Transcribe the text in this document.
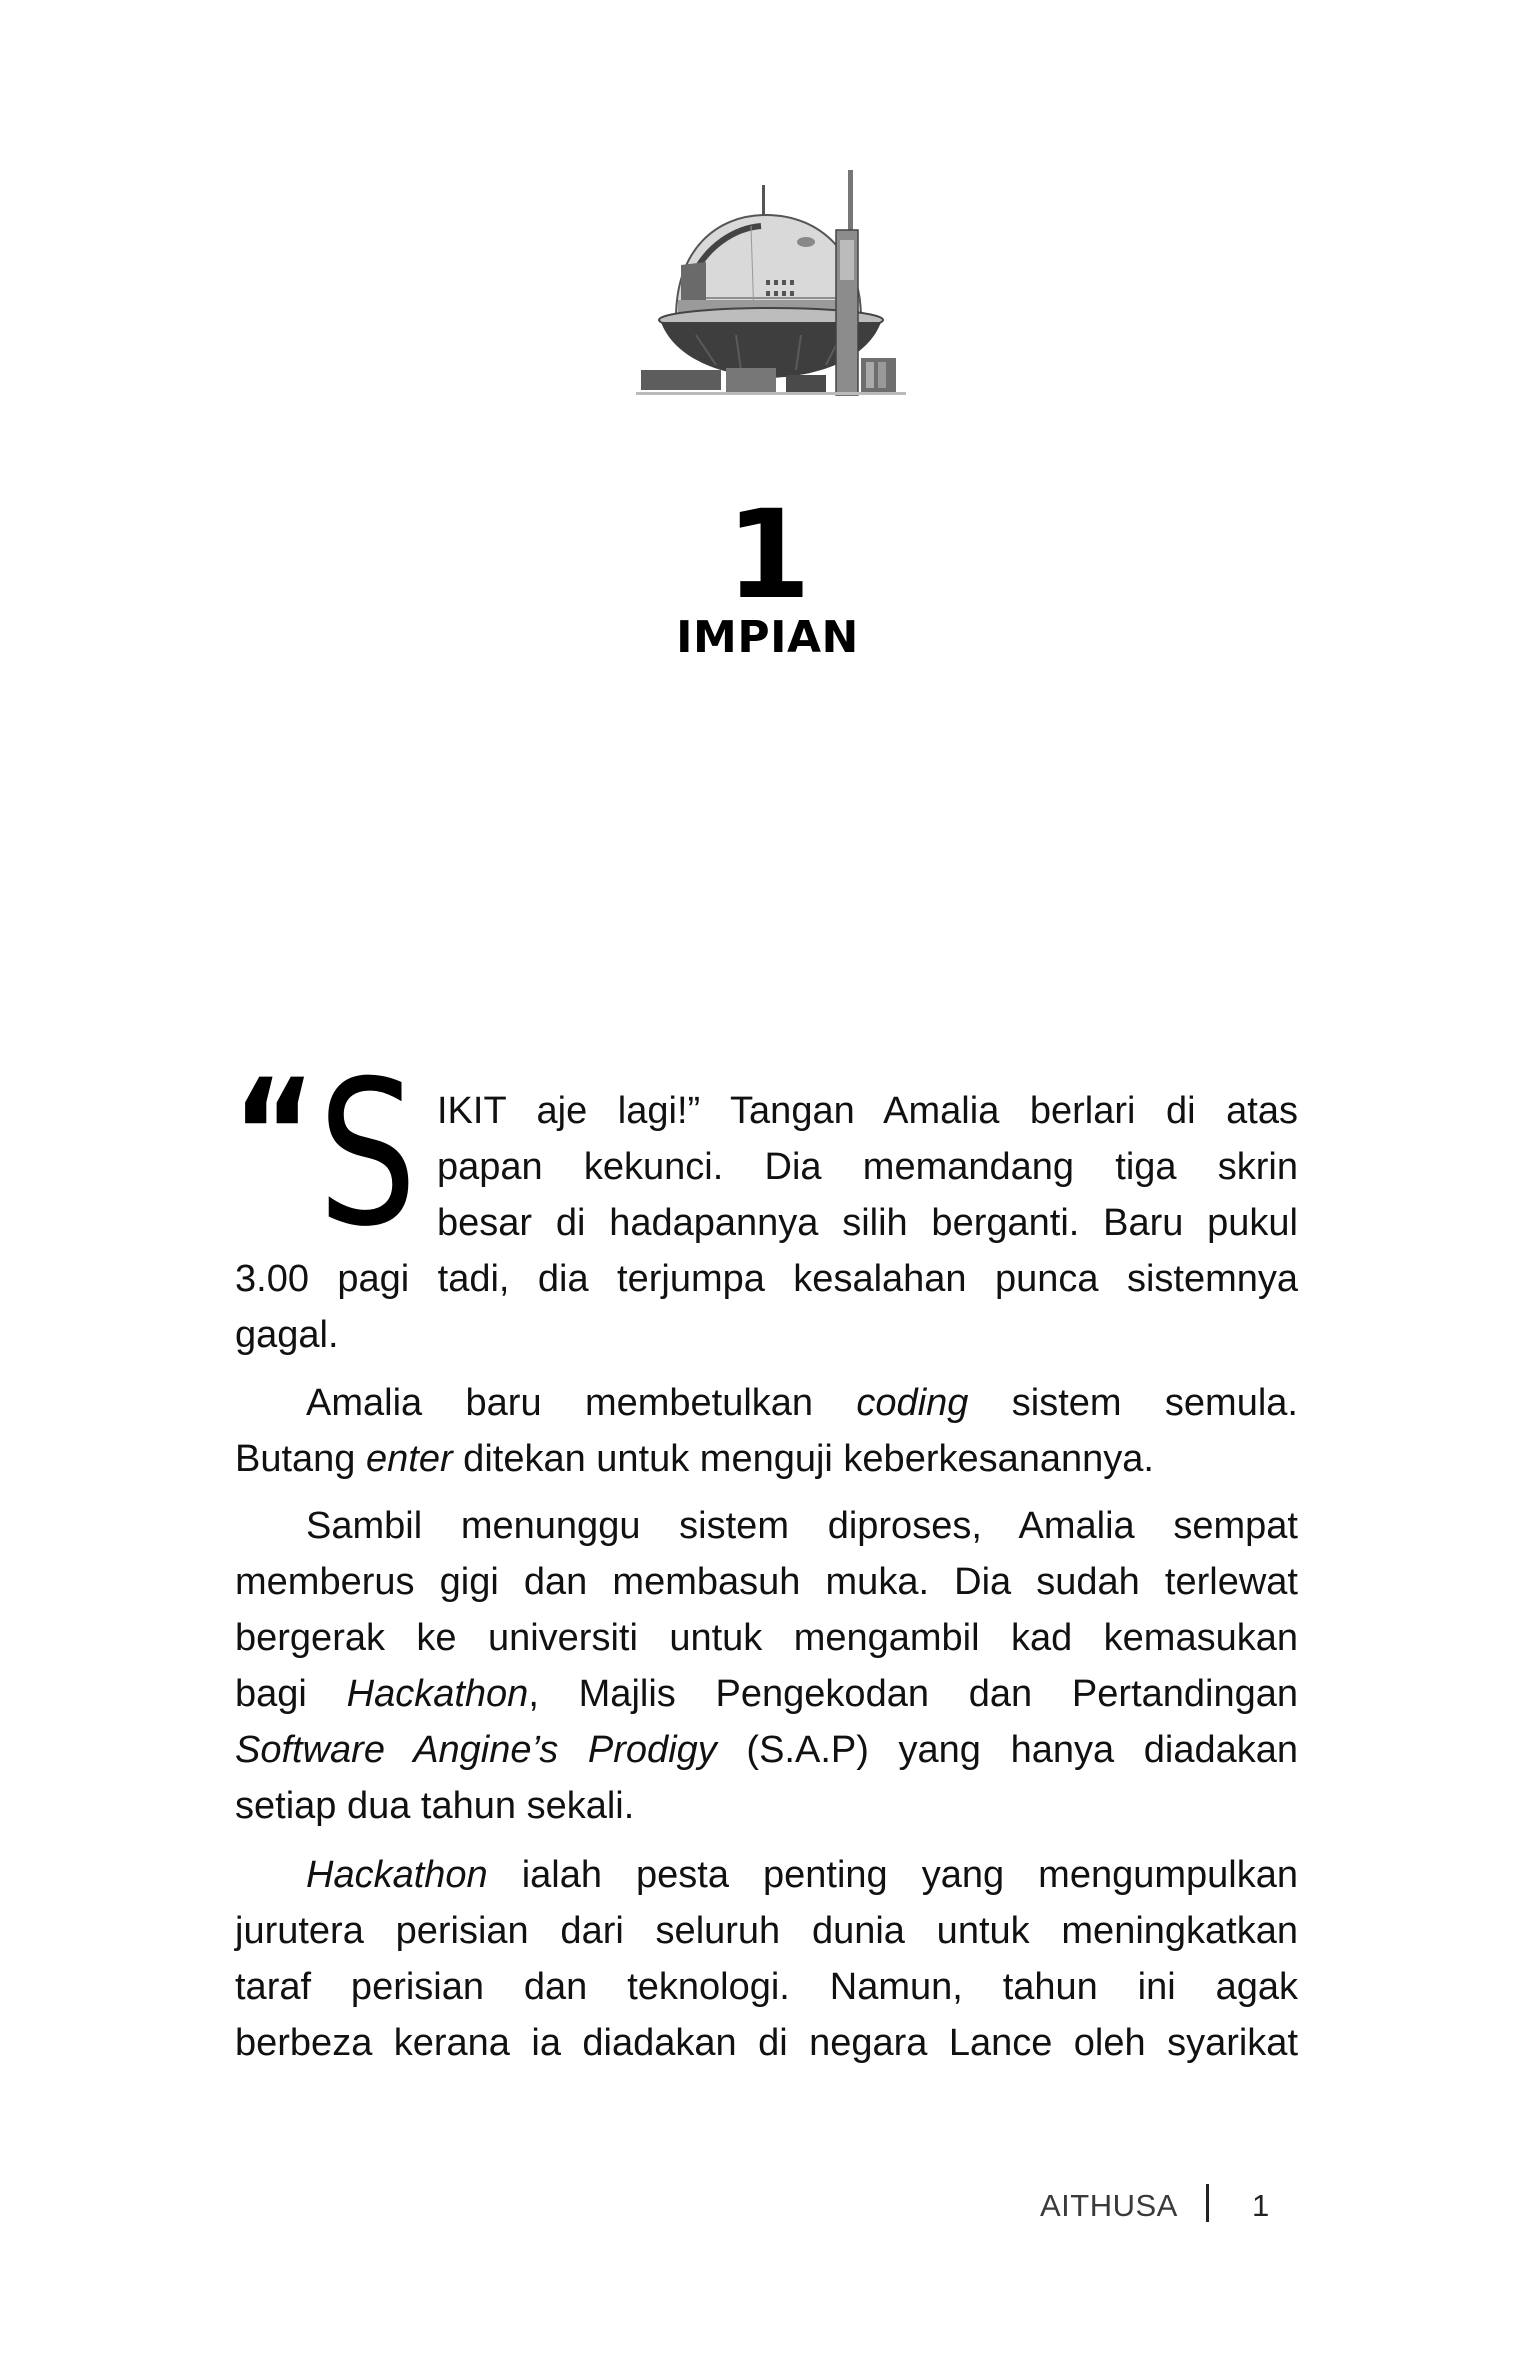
1
IMPIAN
“ S IKIT aje lagi!” Tangan Amalia berlari di atas
papan kekunci. Dia memandang tiga skrin
besar di hadapannya silih berganti. Baru pukul
3.00 pagi tadi, dia terjumpa kesalahan punca sistemnya
gagal.
Amalia baru membetulkan coding sistem semula.
Butang enter ditekan untuk menguji keberkesanannya.
Sambil menunggu sistem diproses, Amalia sempat
memberus gigi dan membasuh muka. Dia sudah terlewat
bergerak ke universiti untuk mengambil kad kemasukan
bagi Hackathon, Majlis Pengekodan dan Pertandingan
Software Angine’s Prodigy (S.A.P) yang hanya diadakan
setiap dua tahun sekali.
Hackathon ialah pesta penting yang mengumpulkan
jurutera perisian dari seluruh dunia untuk meningkatkan
taraf perisian dan teknologi. Namun, tahun ini agak
berbeza kerana ia diadakan di negara Lance oleh syarikat
AITHUSA 1
